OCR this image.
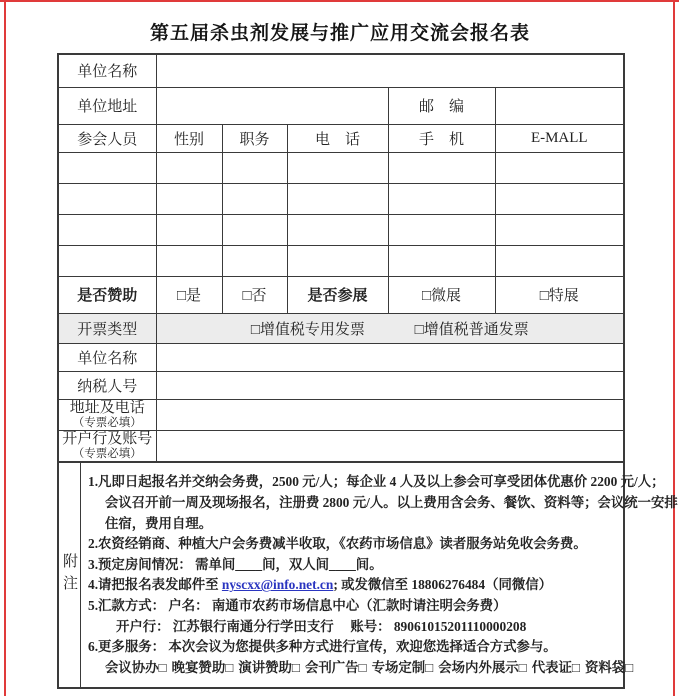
第五届杀虫剂发展与推广应用交流会报名表
单位名称					
单位地址				邮　编	
参会人员	性别	职务	电　话	手　机	E-MALL

是否赞助	□是	□否	是否参展	□微展	□特展
开票类型	□增值税专用发票 □增值税普通发票				
单位名称					
纳税人号					

地址及电话
（专票必填）					

开户行及账号
（专票必填）					

附注
1.凡即日起报名并交纳会务费，2500 元/人；每企业 4 人及以上参会可享受团体优惠价 2200 元/人；
会议召开前一周及现场报名，注册费 2800 元/人。以上费用含会务、餐饮、资料等；会议统一安排
住宿，费用自理。
2.农资经销商、种植大户会务费减半收取，《农药市场信息》读者服务站免收会务费。
3.预定房间情况： 需单间____间，双人间____间。
4.请把报名表发邮件至 nyscxx@info.net.cn; 或发微信至 18806276484（同微信）
5.汇款方式： 户名： 南通市农药市场信息中心（汇款时请注明会务费）
开户行： 江苏银行南通分行学田支行　 账号： 89061015201110000208
6.更多服务： 本次会议为您提供多种方式进行宣传，欢迎您选择适合方式参与。
会议协办□ 晚宴赞助□ 演讲赞助□ 会刊广告□ 专场定制□ 会场内外展示□ 代表证□ 资料袋□
